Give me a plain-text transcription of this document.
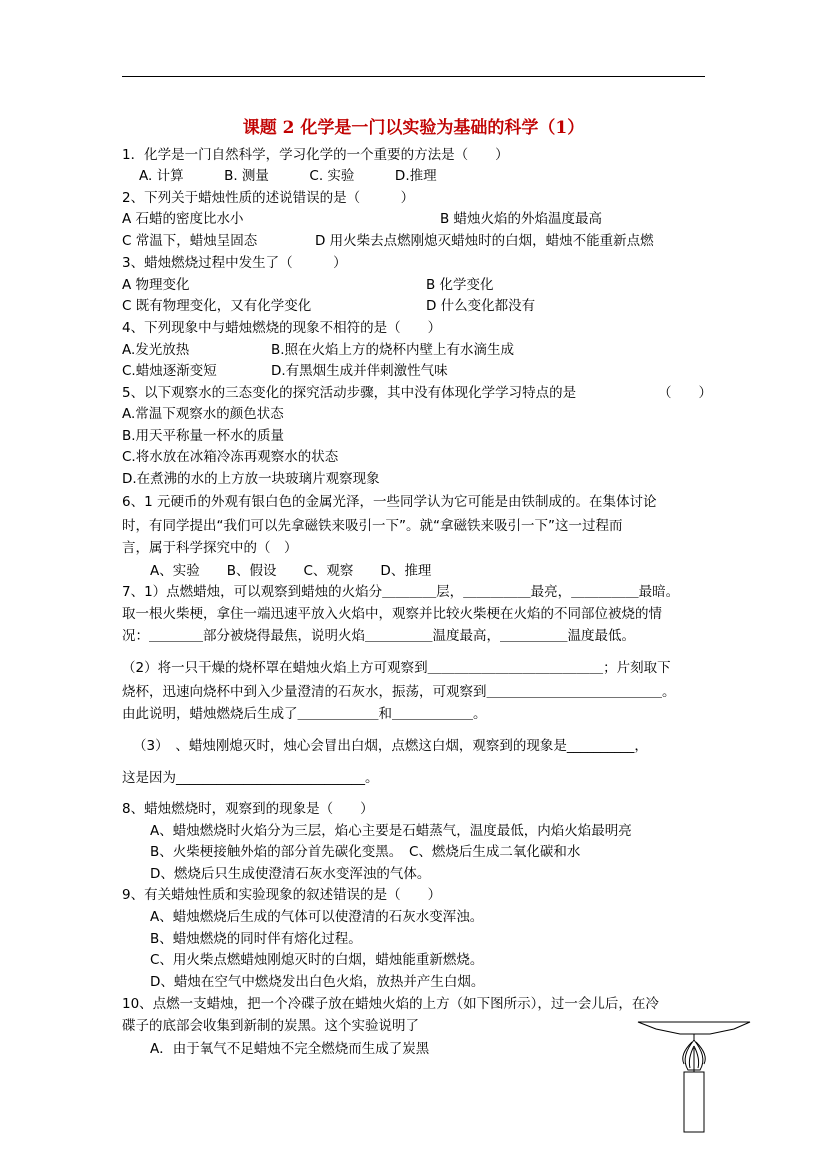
课题 2 化学是一门以实验为基础的科学（1）
1．化学是一门自然科学，学习化学的一个重要的方法是（　　）
A. 计算　　　B. 测量　　　C. 实验　　　D.推理
2、下列关于蜡烛性质的述说错误的是（　　　）
A 石蜡的密度比水小	B 蜡烛火焰的外焰温度最高
C 常温下，蜡烛呈固态	D 用火柴去点燃刚熄灭蜡烛时的白烟，蜡烛不能重新点燃
3、蜡烛燃烧过程中发生了（　　　）
A 物理变化	B 化学变化
C 既有物理变化，又有化学变化	D 什么变化都没有
4、下列现象中与蜡烛燃烧的现象不相符的是（　　）
A.发光放热	B.照在火焰上方的烧杯内壁上有水滴生成
C.蜡烛逐渐变短	D.有黑烟生成并伴刺激性气味
5、以下观察水的三态变化的探究活动步骤，其中没有体现化学学习特点的是	（　　）
A.常温下观察水的颜色状态
B.用天平称量一杯水的质量
C.将水放在冰箱冷冻再观察水的状态
D.在煮沸的水的上方放一块玻璃片观察现象
6、1 元硬币的外观有银白色的金属光泽，一些同学认为它可能是由铁制成的。在集体讨论
时，有同学提出“我们可以先拿磁铁来吸引一下”。就“拿磁铁来吸引一下”这一过程而
言，属于科学探究中的（　）
A、实验　　B、假设　　C、观察　　D、推理
7、1）点燃蜡烛，可以观察到蜡烛的火焰分＿＿＿＿层，＿＿＿＿＿最亮，＿＿＿＿＿最暗。
取一根火柴梗，拿住一端迅速平放入火焰中，观察并比较火柴梗在火焰的不同部位被烧的情
况：＿＿＿＿部分被烧得最焦，说明火焰＿＿＿＿＿温度最高，＿＿＿＿＿温度最低。
（2）将一只干燥的烧杯罩在蜡烛火焰上方可观察到＿＿＿＿＿＿＿＿＿＿＿＿＿；片刻取下
烧杯，迅速向烧杯中到入少量澄清的石灰水，振荡，可观察到＿＿＿＿＿＿＿＿＿＿＿＿＿。
由此说明，蜡烛燃烧后生成了＿＿＿＿＿＿和＿＿＿＿＿＿。
（3）　、蜡烛刚熄灭时，烛心会冒出白烟，点燃这白烟，观察到的现象是__________，
这是因为____________________________。
8、蜡烛燃烧时，观察到的现象是（　　）
A、蜡烛燃烧时火焰分为三层，焰心主要是石蜡蒸气，温度最低，内焰火焰最明亮
B、火柴梗接触外焰的部分首先碳化变黑。　C、燃烧后生成二氧化碳和水
D、燃烧后只生成使澄清石灰水变浑浊的气体。
9、有关蜡烛性质和实验现象的叙述错误的是（　　）
A、蜡烛燃烧后生成的气体可以使澄清的石灰水变浑浊。
B、蜡烛燃烧的同时伴有熔化过程。
C、用火柴点燃蜡烛刚熄灭时的白烟，蜡烛能重新燃烧。
D、蜡烛在空气中燃烧发出白色火焰，放热并产生白烟。
10、点燃一支蜡烛，把一个冷碟子放在蜡烛火焰的上方（如下图所示），过一会儿后，在冷
碟子的底部会收集到新制的炭黑。这个实验说明了
A．由于氧气不足蜡烛不完全燃烧而生成了炭黑
